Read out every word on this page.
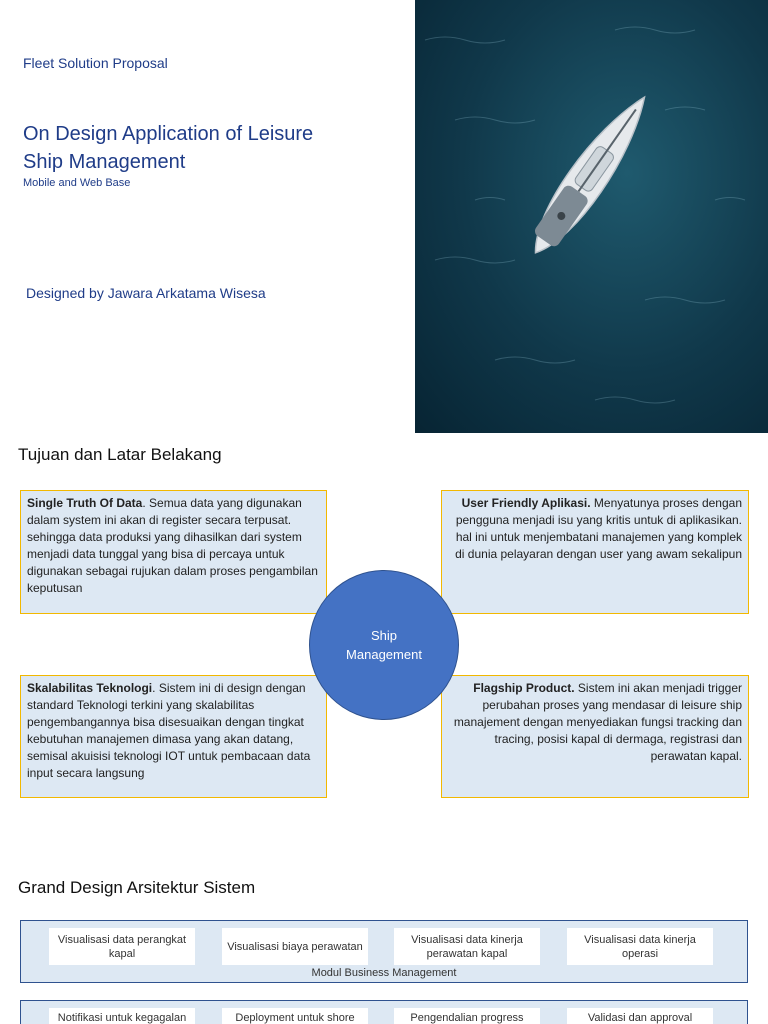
Fleet Solution Proposal
On Design Application of Leisure Ship Management
Mobile and Web Base
Designed by Jawara Arkatama Wisesa
Tujuan dan Latar Belakang
Single Truth Of Data. Semua data yang digunakan dalam system ini akan di register secara terpusat. sehingga data produksi yang dihasilkan dari system menjadi data tunggal yang bisa di percaya untuk digunakan sebagai rujukan dalam proses pengambilan keputusan
User Friendly Aplikasi. Menyatunya proses dengan pengguna menjadi isu yang kritis untuk di aplikasikan. hal ini untuk menjembatani manajemen yang komplek di dunia pelayaran dengan user yang awam sekalipun
Skalabilitas Teknologi. Sistem ini di design dengan standard Teknologi terkini yang skalabilitas pengembangannya bisa disesuaikan dengan tingkat kebutuhan manajemen dimasa yang akan datang, semisal akuisisi teknologi IOT untuk pembacaan data input secara langsung
Flagship Product. Sistem ini akan menjadi trigger perubahan proses yang mendasar di leisure ship manajement dengan menyediakan fungsi tracking dan tracing, posisi kapal di dermaga, registrasi dan perawatan kapal.
Ship
Management
Grand Design Arsitektur Sistem
Visualisasi data perangkat kapal
Visualisasi biaya perawatan
Visualisasi data kinerja perawatan kapal
Visualisasi data kinerja operasi
Modul Business Management
Notifikasi untuk kegagalan	Deployment untuk shore	Pengendalian progress	Validasi dan approval
